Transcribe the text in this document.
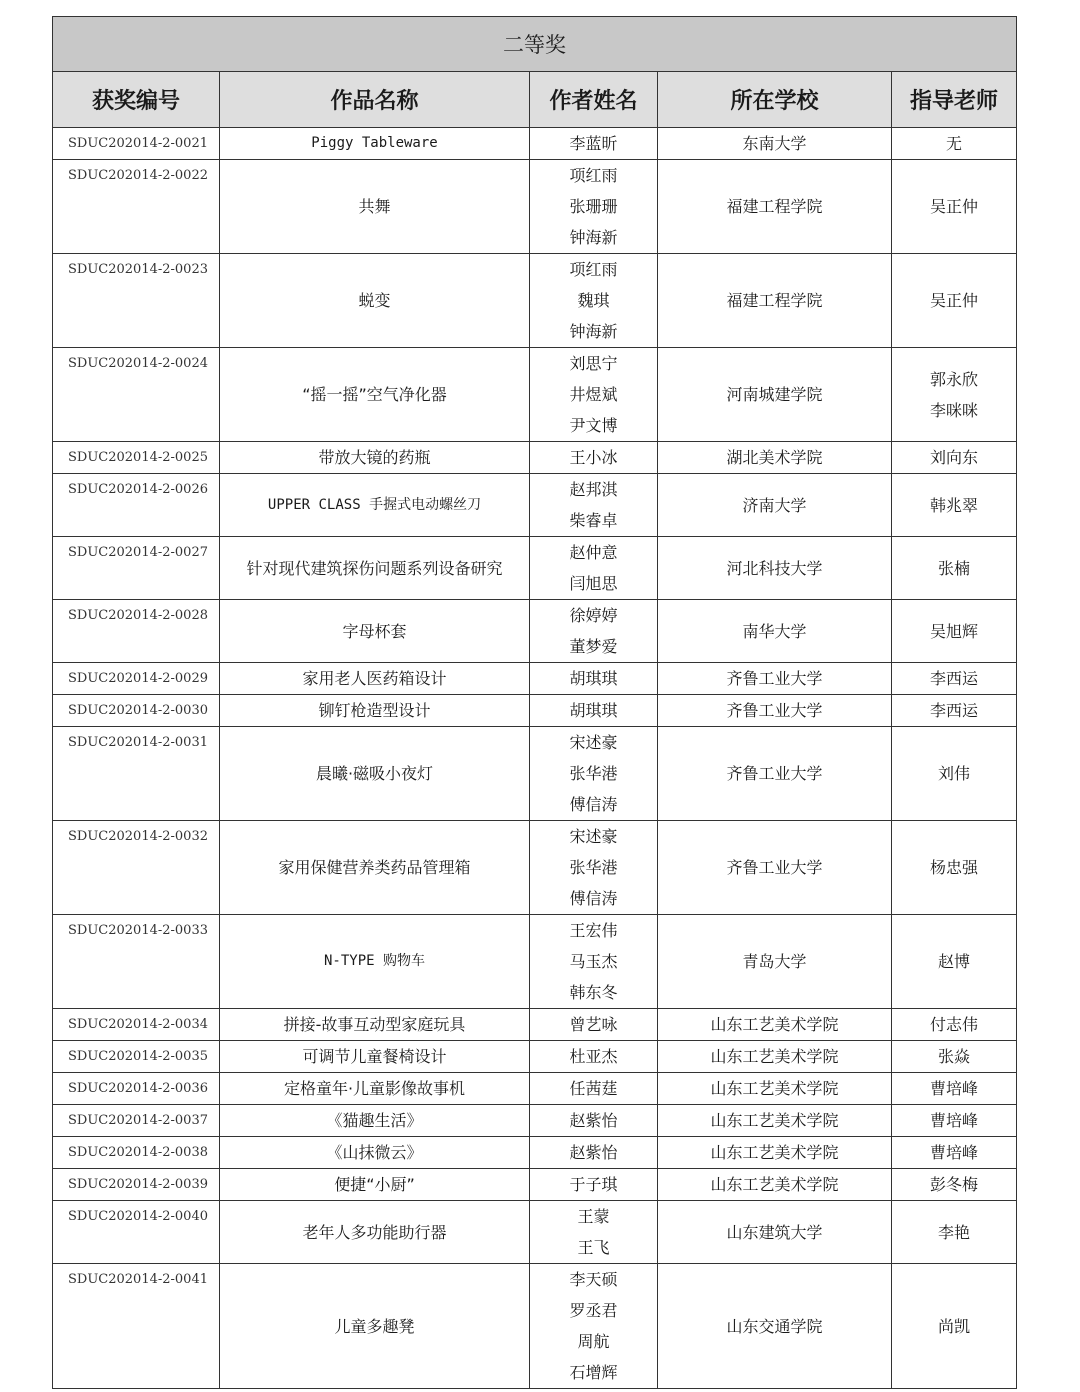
二等奖				
获奖编号	作品名称	作者姓名	所在学校	指导老师
SDUC202014-2-0021	Piggy Tableware	李蓝昕	东南大学	无

SDUC202014-2-0022	共舞	项红雨
张珊珊
钟海新	福建工程学院	吴正仲

SDUC202014-2-0023	蜕变	项红雨
魏琪
钟海新	福建工程学院	吴正仲

SDUC202014-2-0024	“摇一摇”空气净化器	刘思宁
井煜斌
尹文博	河南城建学院	郭永欣
李咪咪

SDUC202014-2-0025	带放大镜的药瓶	王小冰	湖北美术学院	刘向东

SDUC202014-2-0026	UPPER CLASS 手握式电动螺丝刀	赵邦淇
柴睿卓	济南大学	韩兆翠

SDUC202014-2-0027	针对现代建筑探伤问题系列设备研究	赵仲意
闫旭思	河北科技大学	张楠

SDUC202014-2-0028	字母杯套	徐婷婷
董梦爱	南华大学	吴旭辉

SDUC202014-2-0029	家用老人医药箱设计	胡琪琪	齐鲁工业大学	李西运

SDUC202014-2-0030	铆钉枪造型设计	胡琪琪	齐鲁工业大学	李西运

SDUC202014-2-0031	晨曦·磁吸小夜灯	宋述豪
张华港
傅信涛	齐鲁工业大学	刘伟

SDUC202014-2-0032	家用保健营养类药品管理箱	宋述豪
张华港
傅信涛	齐鲁工业大学	杨忠强

SDUC202014-2-0033	N-TYPE 购物车	王宏伟
马玉杰
韩东冬	青岛大学	赵博

SDUC202014-2-0034	拼接-故事互动型家庭玩具	曾艺咏	山东工艺美术学院	付志伟

SDUC202014-2-0035	可调节儿童餐椅设计	杜亚杰	山东工艺美术学院	张焱

SDUC202014-2-0036	定格童年·儿童影像故事机	任茜莛	山东工艺美术学院	曹培峰

SDUC202014-2-0037	《猫趣生活》	赵紫怡	山东工艺美术学院	曹培峰

SDUC202014-2-0038	《山抹微云》	赵紫怡	山东工艺美术学院	曹培峰

SDUC202014-2-0039	便捷“小厨”	于子琪	山东工艺美术学院	彭冬梅

SDUC202014-2-0040	老年人多功能助行器	王蒙
王飞	山东建筑大学	李艳

SDUC202014-2-0041	儿童多趣凳	李天硕
罗丞君
周航
石增辉	山东交通学院	尚凯
